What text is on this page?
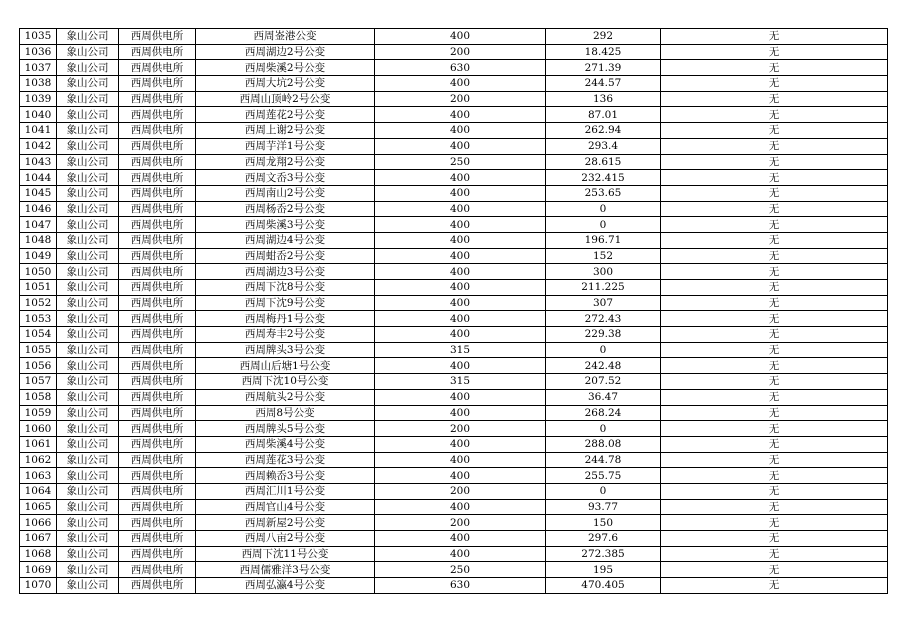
1035	象山公司	西周供电所	西周崟港公变	400	292	无
1036	象山公司	西周供电所	西周湖边2号公变	200	18.425	无
1037	象山公司	西周供电所	西周柴溪2号公变	630	271.39	无
1038	象山公司	西周供电所	西周大坑2号公变	400	244.57	无
1039	象山公司	西周供电所	西周山顶岭2号公变	200	136	无
1040	象山公司	西周供电所	西周莲花2号公变	400	87.01	无
1041	象山公司	西周供电所	西周上谢2号公变	400	262.94	无
1042	象山公司	西周供电所	西周芋洋1号公变	400	293.4	无
1043	象山公司	西周供电所	西周龙翔2号公变	250	28.615	无
1044	象山公司	西周供电所	西周文岙3号公变	400	232.415	无
1045	象山公司	西周供电所	西周南山2号公变	400	253.65	无
1046	象山公司	西周供电所	西周杨岙2号公变	400	0	无
1047	象山公司	西周供电所	西周柴溪3号公变	400	0	无
1048	象山公司	西周供电所	西周湖边4号公变	400	196.71	无
1049	象山公司	西周供电所	西周蚶岙2号公变	400	152	无
1050	象山公司	西周供电所	西周湖边3号公变	400	300	无
1051	象山公司	西周供电所	西周下沈8号公变	400	211.225	无
1052	象山公司	西周供电所	西周下沈9号公变	400	307	无
1053	象山公司	西周供电所	西周梅丹1号公变	400	272.43	无
1054	象山公司	西周供电所	西周寿丰2号公变	400	229.38	无
1055	象山公司	西周供电所	西周牌头3号公变	315	0	无
1056	象山公司	西周供电所	西周山后塘1号公变	400	242.48	无
1057	象山公司	西周供电所	西周下沈10号公变	315	207.52	无
1058	象山公司	西周供电所	西周航头2号公变	400	36.47	无
1059	象山公司	西周供电所	西周8号公变	400	268.24	无
1060	象山公司	西周供电所	西周牌头5号公变	200	0	无
1061	象山公司	西周供电所	西周柴溪4号公变	400	288.08	无
1062	象山公司	西周供电所	西周莲花3号公变	400	244.78	无
1063	象山公司	西周供电所	西周赖岙3号公变	400	255.75	无
1064	象山公司	西周供电所	西周汇川1号公变	200	0	无
1065	象山公司	西周供电所	西周官山4号公变	400	93.77	无
1066	象山公司	西周供电所	西周新屋2号公变	200	150	无
1067	象山公司	西周供电所	西周八亩2号公变	400	297.6	无
1068	象山公司	西周供电所	西周下沈11号公变	400	272.385	无
1069	象山公司	西周供电所	西周儒雅洋3号公变	250	195	无
1070	象山公司	西周供电所	西周弘瀛4号公变	630	470.405	无
